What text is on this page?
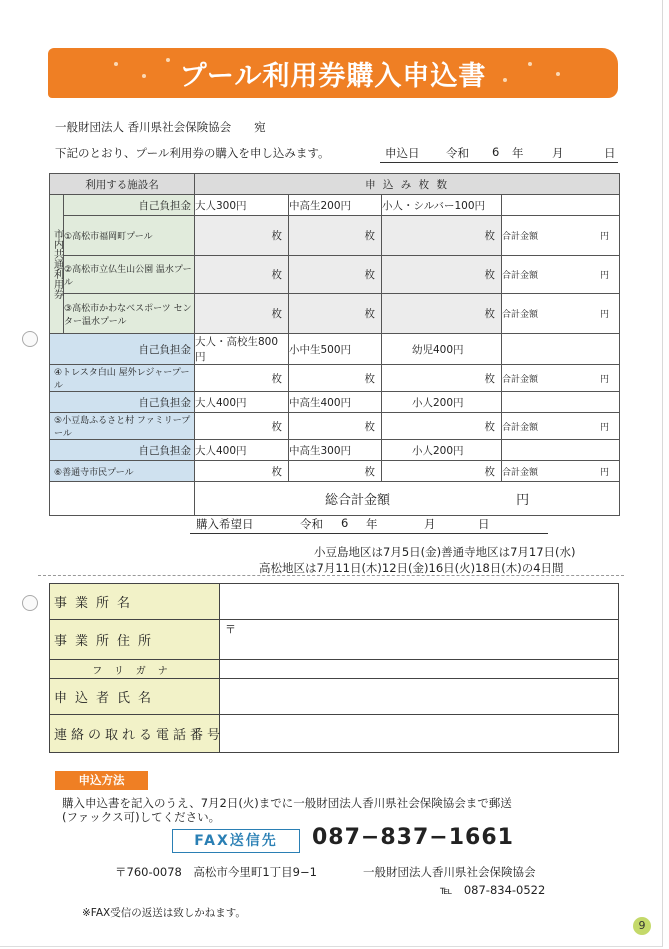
プール利用券購入申込書
一般財団法人 香川県社会保険協会　　宛
下記のとおり、プール利用券の購入を申し込みます。	申込日 令和 6 年 月	日
利用する施設名		申 込 み 枚 数			
市内共通利用券	自己負担金	大人300円	中高生200円	小人・シルバー100円	
	①高松市福岡町プール	枚	枚	枚	合計金額 円

	②高松市立仏生山公園 温水プール	枚	枚	枚	合計金額 円

	③高松市かわなべスポーツ センター温水プール	枚	枚	枚	合計金額 円

自己負担金		大人・高校生800円	小中生500円	幼児400円	
④トレスタ白山 屋外レジャープール		枚	枚	枚	合計金額 円

自己負担金		大人400円	中高生400円	小人200円	
⑤小豆島ふるさと村 ファミリープール		枚	枚	枚	合計金額 円

自己負担金		大人400円	中高生300円	小人200円	
⑥善通寺市民プール		枚	枚	枚	合計金額 円

		総合計金額 円			
購入希望日	令和 6 年	月	日
小豆島地区は7月5日(金)善通寺地区は7月17日(水)
高松地区は7月11日(木)12日(金)16日(火)18日(木)の4日間
事業所名	
事業所住所	〒
フリガナ	
申込者氏名	
連絡の取れる電話番号	
申込方法
購入申込書を記入のうえ、7月2日(火)までに一般財団法人香川県社会保険協会まで郵送
(ファックス可)してください。
FAX送信先	087−837−1661
〒760-0078　高松市今里町1丁目9−1	一般財団法人香川県社会保険協会
℡　087-834-0522
※FAX受信の返送は致しかねます。
9
